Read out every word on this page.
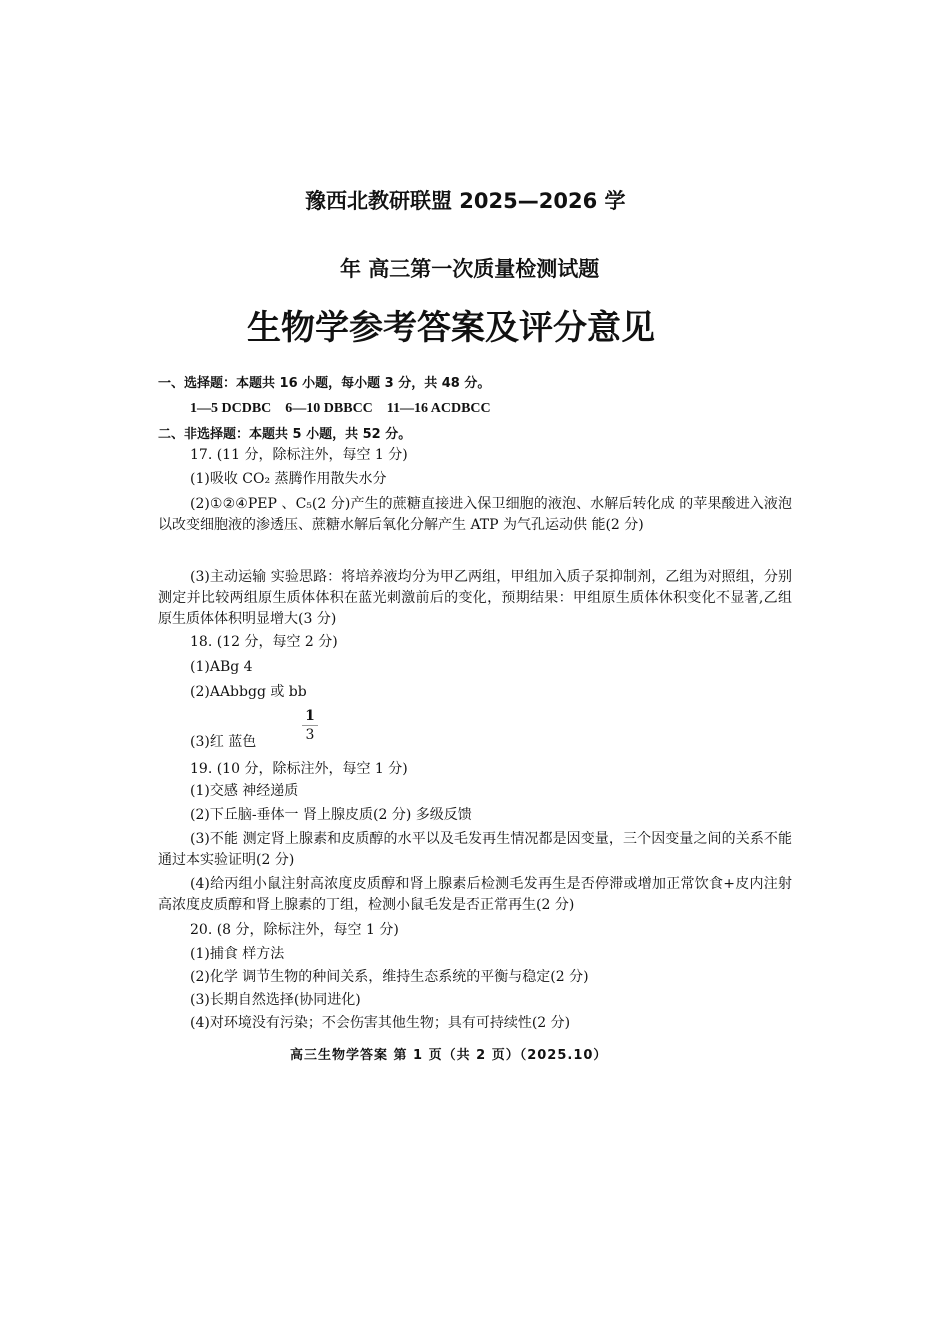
豫西北教研联盟 2025—2026 学
年 高三第一次质量检测试题
生物学参考答案及评分意见
一、选择题：本题共 16 小题，每小题 3 分，共 48 分。
1—5 DCDBC    6—10 DBBCC    11—16 ACDBCC
二、非选择题：本题共 5 小题，共 52 分。
17. (11 分，除标注外，每空 1 分)
(1)吸收 CO₂ 蒸腾作用散失水分
(2)①②④PEP 、C₅(2 分)产生的蔗糖直接进入保卫细胞的液泡、水解后转化成 的苹果酸进入液泡以改变细胞液的渗透压、蔗糖水解后氧化分解产生 ATP 为气孔运动供 能(2 分)
(3)主动运输 实验思路：将培养液均分为甲乙两组，甲组加入质子泵抑制剂，乙组为对照组，分别测定并比较两组原生质体体积在蓝光刺激前后的变化，预期结果：甲组原生质体休积变化不显著,乙组原生质体体积明显增大(3 分)
18. (12 分，每空 2 分)
(1)ABg 4
(2)AAbbgg 或 bb
(3)红 蓝色	$\frac{1}{3}$
19. (10 分，除标注外，每空 1 分)
(1)交感 神经递质
(2)下丘脑-垂体一 肾上腺皮质(2 分) 多级反馈
(3)不能 测定肾上腺素和皮质醇的水平以及毛发再生情况都是因变量，三个因变量之间的关系不能通过本实验证明(2 分)
(4)给丙组小鼠注射高浓度皮质醇和肾上腺素后检测毛发再生是否停滞或增加正常饮食+皮内注射高浓度皮质醇和肾上腺素的丁组，检测小鼠毛发是否正常再生(2 分)
20. (8 分，除标注外，每空 1 分)
(1)捕食 样方法
(2)化学 调节生物的种间关系，维持生态系统的平衡与稳定(2 分)
(3)长期自然选择(协同进化)
(4)对环境没有污染；不会伤害其他生物；具有可持续性(2 分)
高三生物学答案 第 1 页（共 2 页）（2025.10）
